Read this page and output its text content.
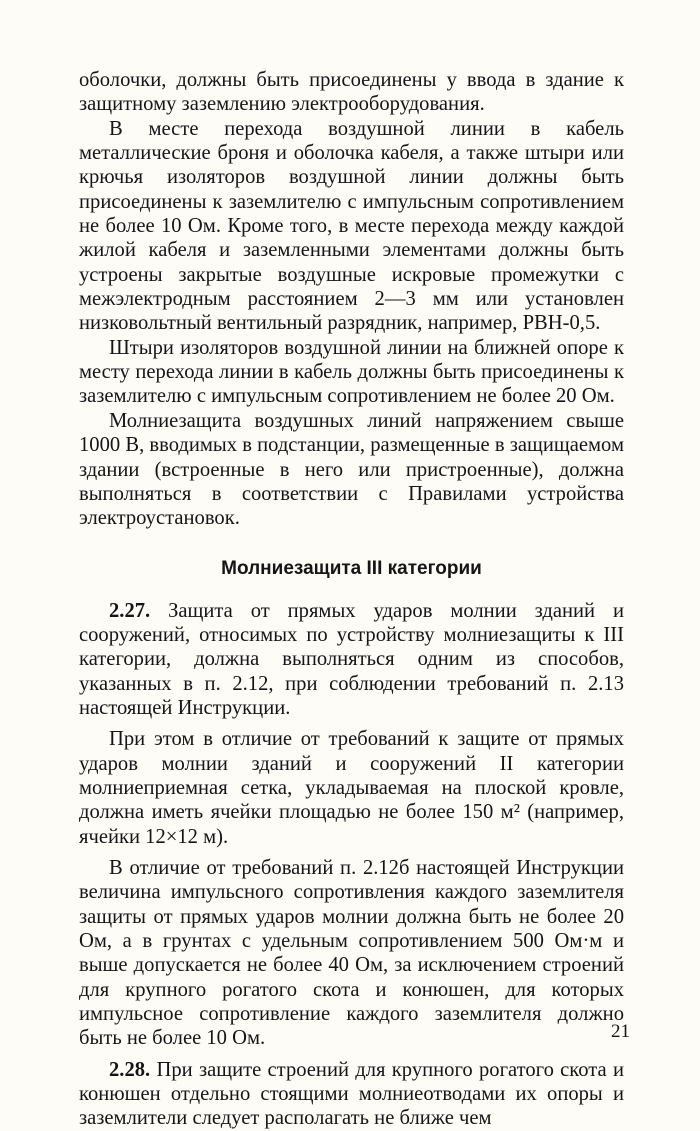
оболочки, должны быть присоединены у ввода в здание к защитному заземлению электрооборудования.

В месте перехода воздушной линии в кабель металлические броня и оболочка кабеля, а также штыри или крючья изоляторов воздушной линии должны быть присоединены к заземлителю с импульсным сопротивлением не более 10 Ом. Кроме того, в месте перехода между каждой жилой кабеля и заземленными элементами должны быть устроены закрытые воздушные искровые промежутки с межэлектродным расстоянием 2—3 мм или установлен низковольтный вентильный разрядник, например, РВН-0,5.

Штыри изоляторов воздушной линии на ближней опоре к месту перехода линии в кабель должны быть присоединены к заземлителю с импульсным сопротивлением не более 20 Ом.

Молниезащита воздушных линий напряжением свыше 1000 В, вводимых в подстанции, размещенные в защищаемом здании (встроенные в него или пристроенные), должна выполняться в соответствии с Правилами устройства электроустановок.

Молниезащита III категории

2.27. Защита от прямых ударов молнии зданий и сооружений, относимых по устройству молниезащиты к III категории, должна выполняться одним из способов, указанных в п. 2.12, при соблюдении требований п. 2.13 настоящей Инструкции.

При этом в отличие от требований к защите от прямых ударов молнии зданий и сооружений II категории молниеприемная сетка, укладываемая на плоской кровле, должна иметь ячейки площадью не более 150 м² (например, ячейки 12×12 м).

В отличие от требований п. 2.12б настоящей Инструкции величина импульсного сопротивления каждого заземлителя защиты от прямых ударов молнии должна быть не более 20 Ом, а в грунтах с удельным сопротивлением 500 Ом·м и выше допускается не более 40 Ом, за исключением строений для крупного рогатого скота и конюшен, для которых импульсное сопротивление каждого заземлителя должно быть не более 10 Ом.

2.28. При защите строений для крупного рогатого скота и конюшен отдельно стоящими молниеотводами их опоры и заземлители следует располагать не ближе чем

21
